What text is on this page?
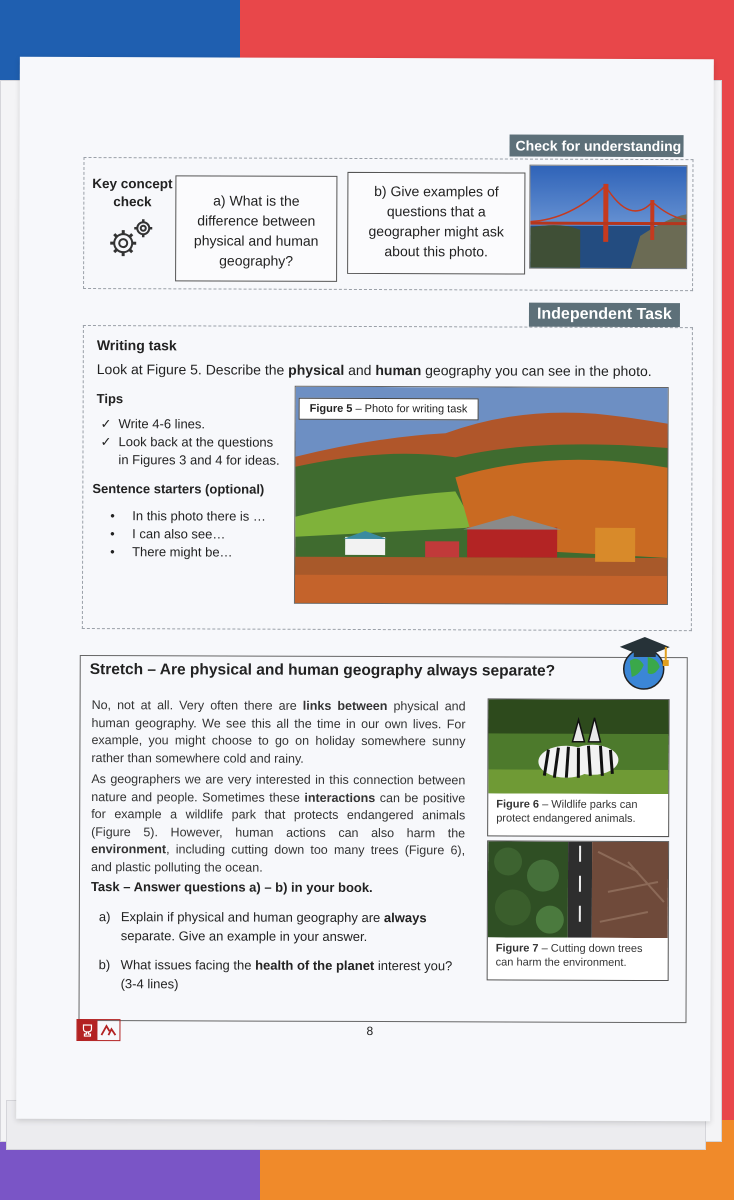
Check for understanding
Key concept
check	a) What is the difference between physical and human geography?
b) Give examples of questions that a geographer might ask about this photo.
Independent Task
Writing task
Look at Figure 5. Describe the physical and human geography you can see in the photo.
Tips
✓ Write 4-6 lines.
✓ Look back at the questions in Figures 3 and 4 for ideas.
Sentence starters (optional)
•	In this photo there is …
•	I can also see…
•	There might be…
Figure 5 – Photo for writing task
Stretch – Are physical and human geography always separate?
No, not at all. Very often there are links between physical and human geography. We see this all the time in our own lives. For example, you might choose to go on holiday somewhere sunny rather than somewhere cold and rainy.
As geographers we are very interested in this connection between nature and people. Sometimes these interactions can be positive for example a wildlife park that protects endangered animals (Figure 5). However, human actions can also harm the environment, including cutting down too many trees (Figure 6), and plastic polluting the ocean.
Task – Answer questions a) – b) in your book.
a) Explain if physical and human geography are always separate. Give an example in your answer.
b) What issues facing the health of the planet interest you? (3-4 lines)
Figure 6 – Wildlife parks can protect endangered animals.
Figure 7 – Cutting down trees can harm the environment.
8
